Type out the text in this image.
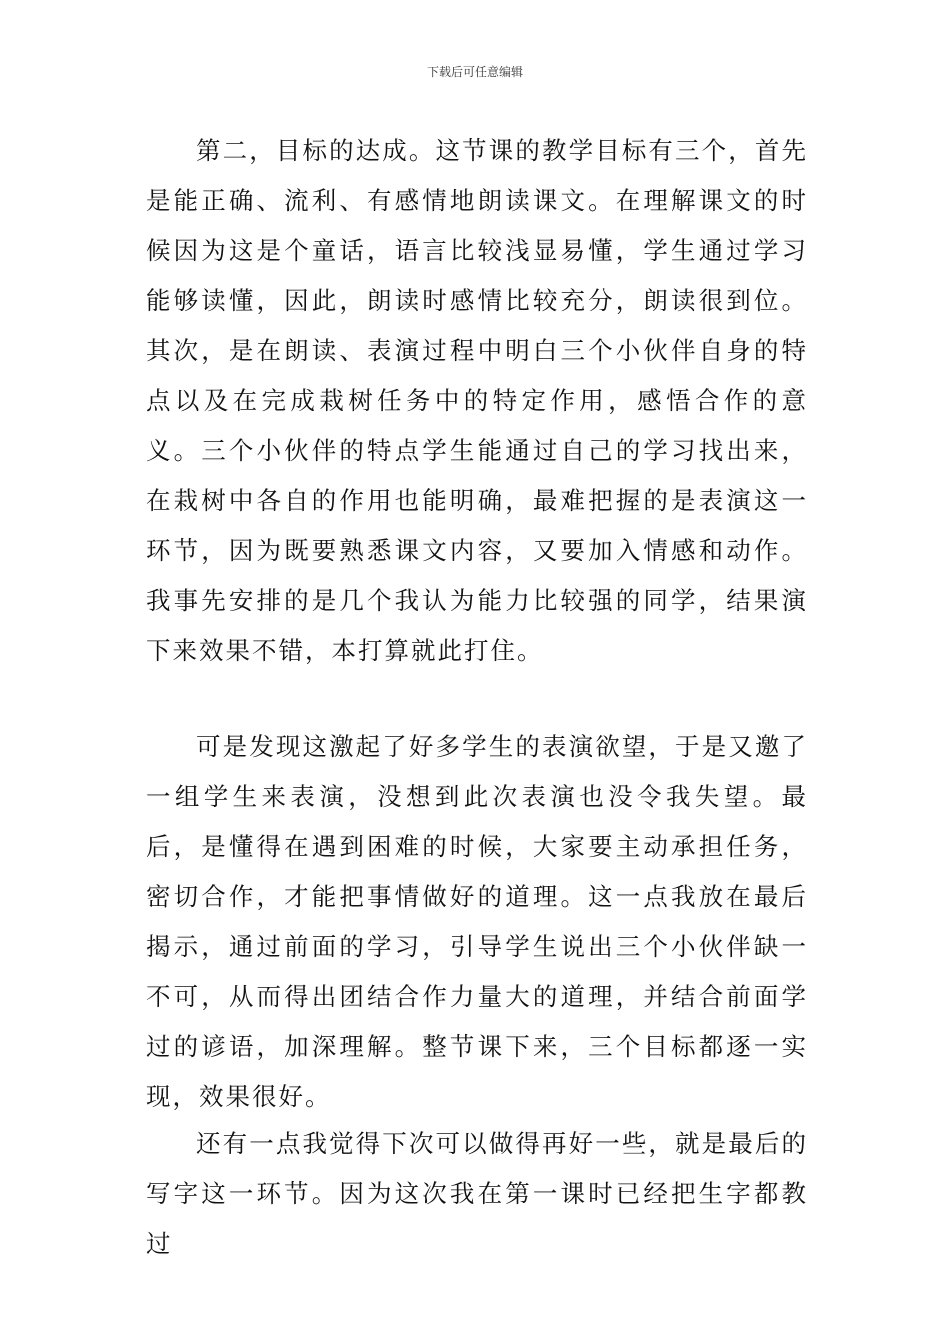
下载后可任意编辑

第二，目标的达成。这节课的教学目标有三个，首先是能正确、流利、有感情地朗读课文。在理解课文的时候因为这是个童话，语言比较浅显易懂，学生通过学习能够读懂，因此，朗读时感情比较充分，朗读很到位。其次，是在朗读、表演过程中明白三个小伙伴自身的特点以及在完成栽树任务中的特定作用，感悟合作的意义。三个小伙伴的特点学生能通过自己的学习找出来，在栽树中各自的作用也能明确，最难把握的是表演这一环节，因为既要熟悉课文内容，又要加入情感和动作。我事先安排的是几个我认为能力比较强的同学，结果演下来效果不错，本打算就此打住。

可是发现这激起了好多学生的表演欲望，于是又邀了一组学生来表演，没想到此次表演也没令我失望。最后，是懂得在遇到困难的时候，大家要主动承担任务，密切合作，才能把事情做好的道理。这一点我放在最后揭示，通过前面的学习，引导学生说出三个小伙伴缺一不可，从而得出团结合作力量大的道理，并结合前面学过的谚语，加深理解。整节课下来，三个目标都逐一实现，效果很好。

还有一点我觉得下次可以做得再好一些，就是最后的写字这一环节。因为这次我在第一课时已经把生字都教过
